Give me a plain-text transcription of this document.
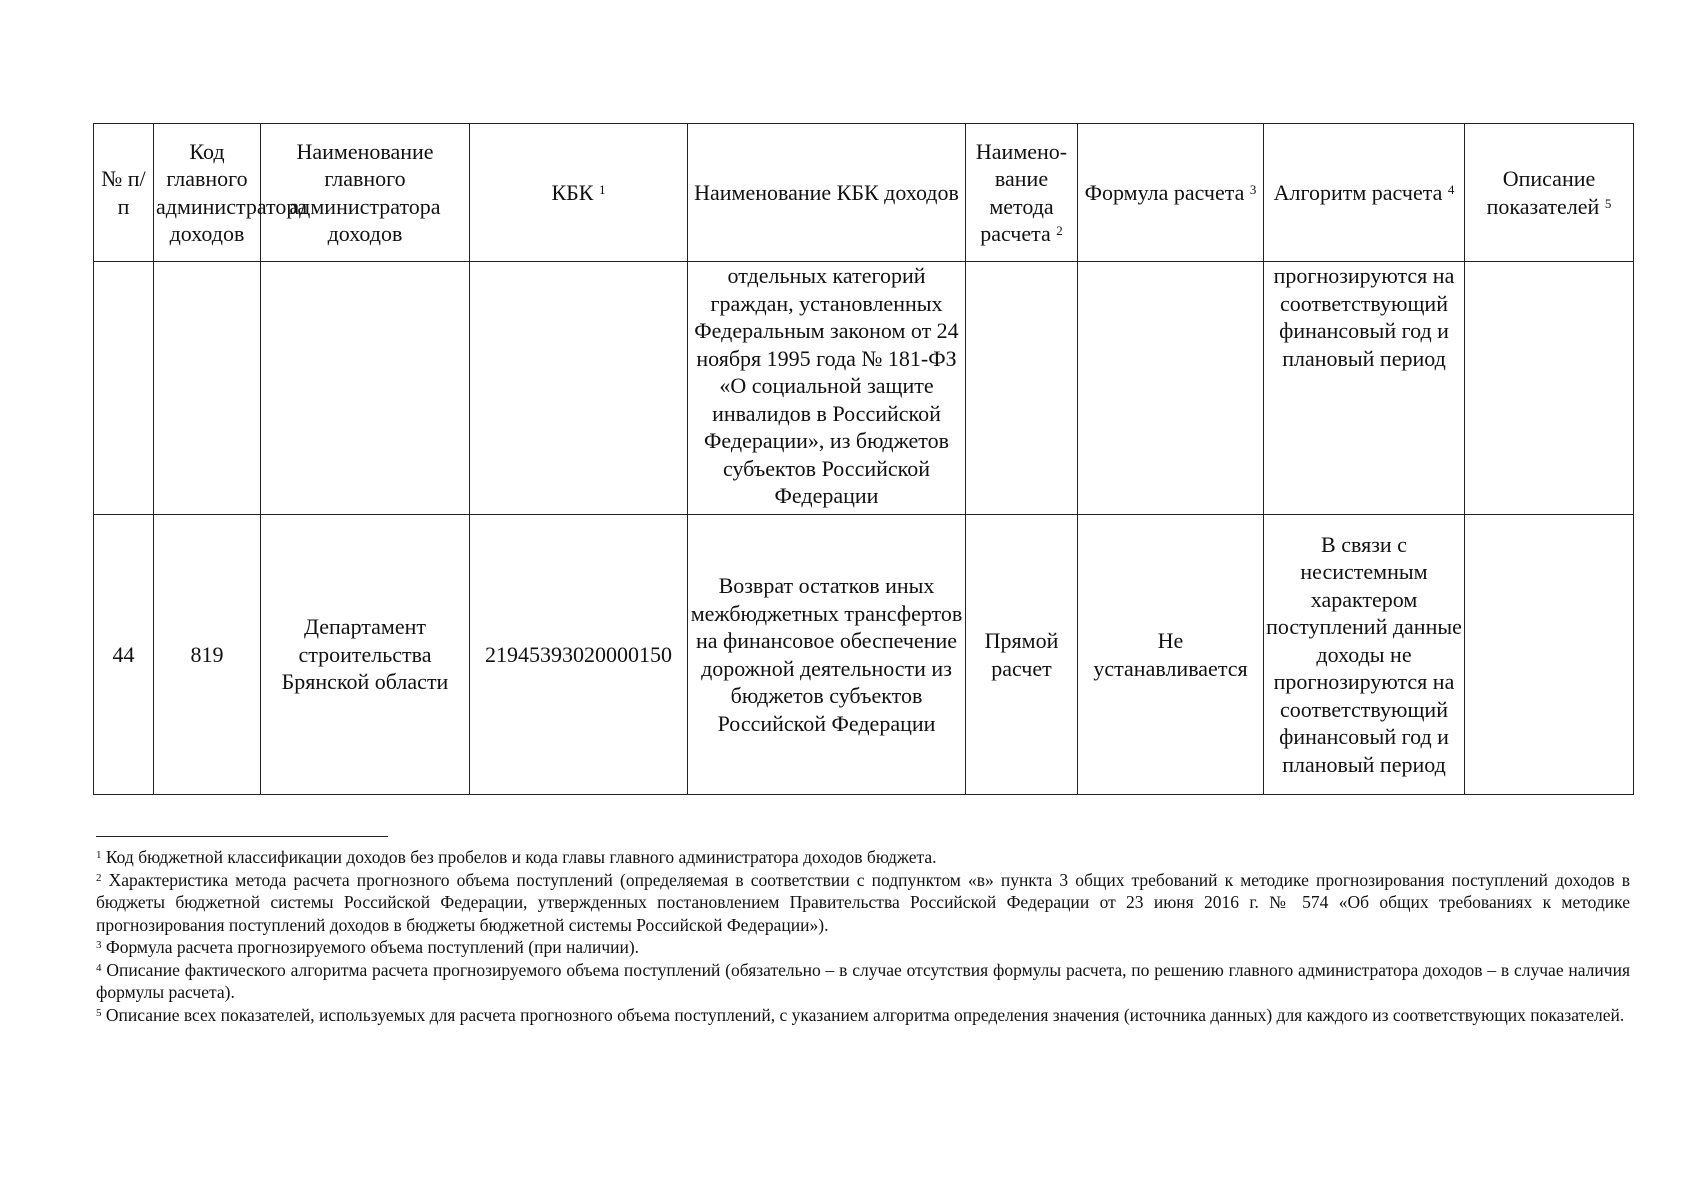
№ п/п	Код главного администратора доходов	Наименование главного администратора доходов	КБК $^1$	Наименование КБК доходов	Наимено-вание метода расчета $^2$	Формула расчета $^3$	Алгоритм расчета $^4$	Описание показателей $^5$
				отдельных категорий граждан, установленных Федеральным законом от 24 ноября 1995 года № 181-ФЗ «О социальной защите инвалидов в Российской Федерации», из бюджетов субъектов Российской Федерации			прогнозируются на соответствующий финансовый год и плановый период	
44	819	Департамент строительства Брянской области	21945393020000150	Возврат остатков иных межбюджетных трансфертов на финансовое обеспечение дорожной деятельности из бюджетов субъектов Российской Федерации	Прямой расчет	Не устанавливается	В связи с несистемным характером поступлений данные доходы не прогнозируются на соответствующий финансовый год и плановый период	
$^1$ Код бюджетной классификации доходов без пробелов и кода главы главного администратора доходов бюджета.
$^2$ Характеристика метода расчета прогнозного объема поступлений (определяемая в соответствии с подпунктом «в» пункта 3 общих требований к методике прогнозирования поступлений доходов в бюджеты бюджетной системы Российской Федерации, утвержденных постановлением Правительства Российской Федерации от 23 июня 2016 г. № 574 «Об общих требованиях к методике прогнозирования поступлений доходов в бюджеты бюджетной системы Российской Федерации»).
$^3$ Формула расчета прогнозируемого объема поступлений (при наличии).
$^4$ Описание фактического алгоритма расчета прогнозируемого объема поступлений (обязательно – в случае отсутствия формулы расчета, по решению главного администратора доходов – в случае наличия формулы расчета).
$^5$ Описание всех показателей, используемых для расчета прогнозного объема поступлений, с указанием алгоритма определения значения (источника данных) для каждого из соответствующих показателей.
